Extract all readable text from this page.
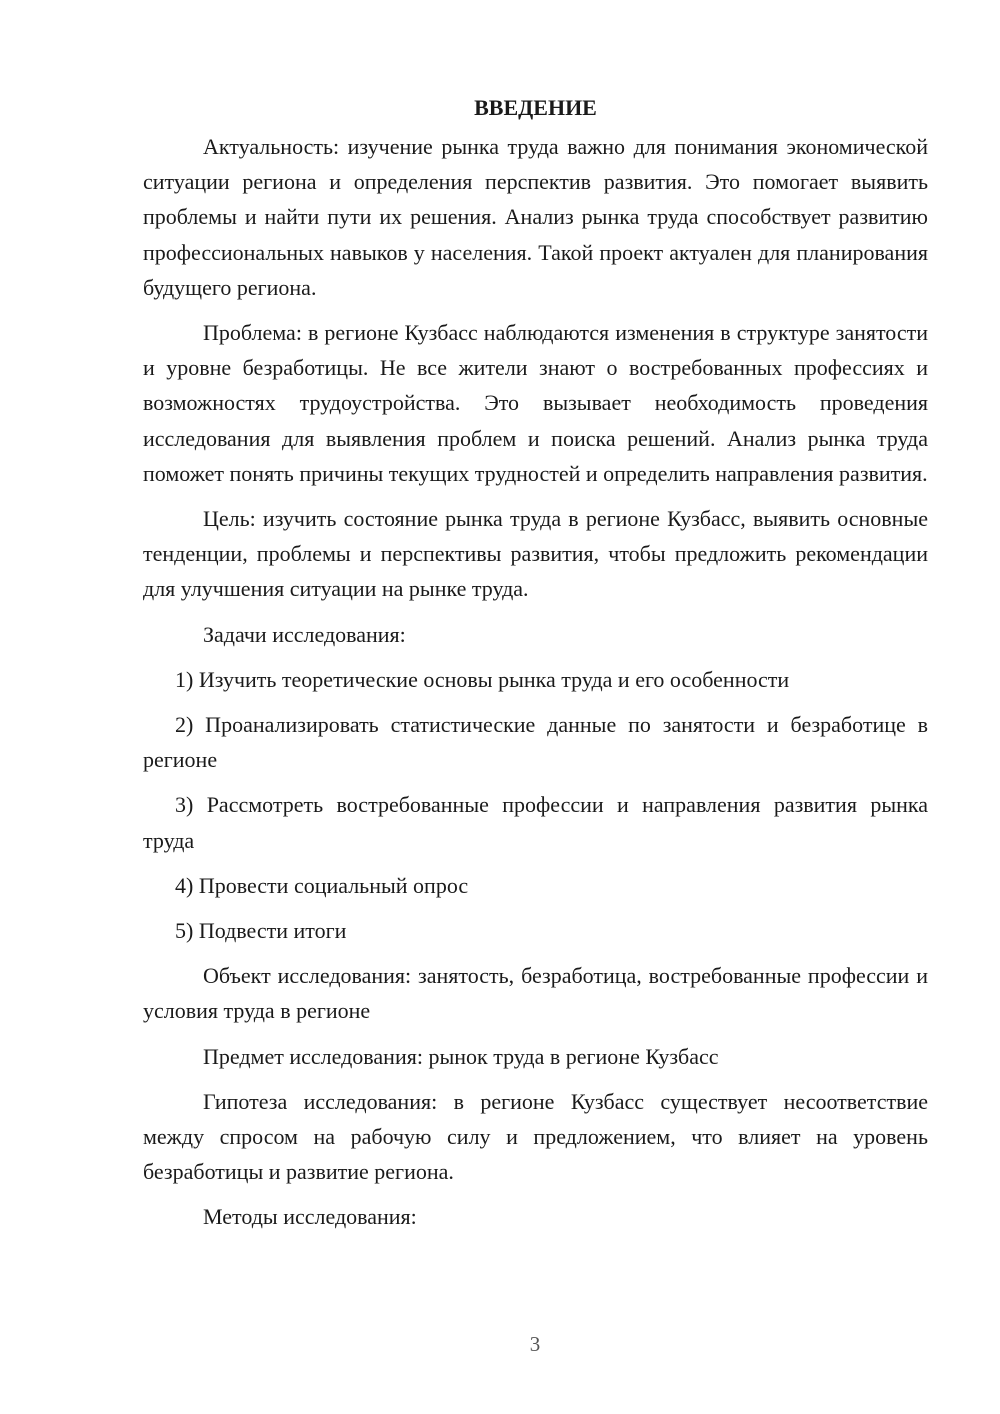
ВВЕДЕНИЕ

Актуальность: изучение рынка труда важно для понимания экономической ситуации региона и определения перспектив развития. Это помогает выявить проблемы и найти пути их решения. Анализ рынка труда способствует развитию профессиональных навыков у населения. Такой проект актуален для планирования будущего региона.

Проблема: в регионе Кузбасс наблюдаются изменения в структуре занятости и уровне безработицы. Не все жители знают о востребованных профессиях и возможностях трудоустройства. Это вызывает необходимость проведения исследования для выявления проблем и поиска решений. Анализ рынка труда поможет понять причины текущих трудностей и определить направления развития.

Цель: изучить состояние рынка труда в регионе Кузбасс, выявить основные тенденции, проблемы и перспективы развития, чтобы предложить рекомендации для улучшения ситуации на рынке труда.

Задачи исследования:

1) Изучить теоретические основы рынка труда и его особенности

2) Проанализировать статистические данные по занятости и безработице в регионе

3) Рассмотреть востребованные профессии и направления развития рынка труда

4) Провести социальный опрос

5) Подвести итоги

Объект исследования: занятость, безработица, востребованные профессии и условия труда в регионе

Предмет исследования: рынок труда в регионе Кузбасс

Гипотеза исследования: в регионе Кузбасс существует несоответствие между спросом на рабочую силу и предложением, что влияет на уровень безработицы и развитие региона.

Методы исследования:

3
